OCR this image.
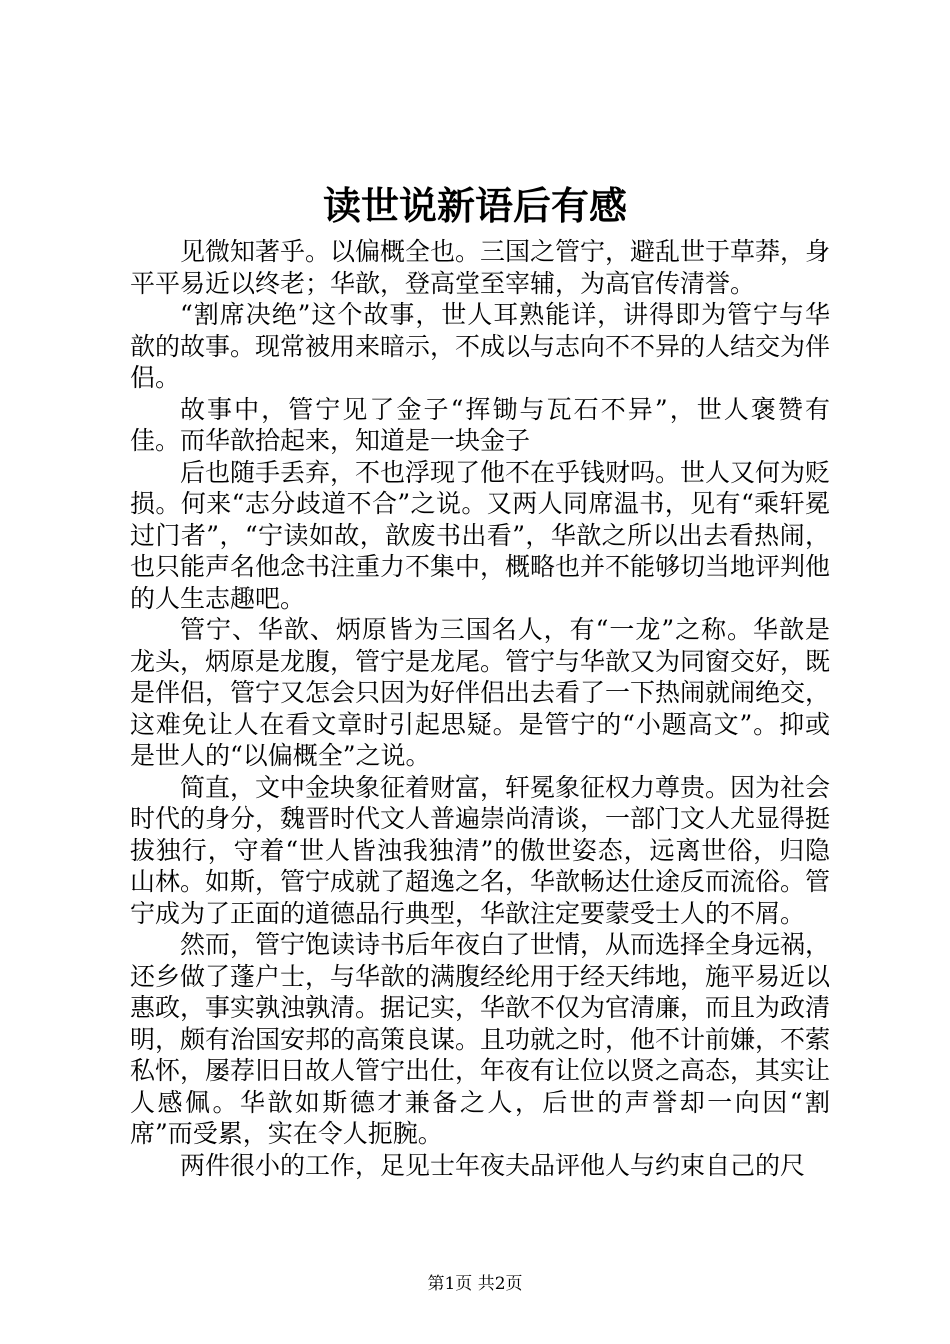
读世说新语后有感

见微知著乎。以偏概全也。三国之管宁，避乱世于草莽，身平平易近以终老；华歆，登高堂至宰辅，为高官传清誉。

“割席决绝”这个故事，世人耳熟能详，讲得即为管宁与华歆的故事。现常被用来暗示，不成以与志向不不异的人结交为伴侣。

故事中，管宁见了金子“挥锄与瓦石不异”，世人褒赞有佳。而华歆拾起来，知道是一块金子

后也随手丢弃，不也浮现了他不在乎钱财吗。世人又何为贬损。何来“志分歧道不合”之说。又两人同席温书，见有“乘轩冕过门者”，“宁读如故，歆废书出看”，华歆之所以出去看热闹，也只能声名他念书注重力不集中，概略也并不能够切当地评判他的人生志趣吧。

管宁、华歆、炳原皆为三国名人，有“一龙”之称。华歆是龙头，炳原是龙腹，管宁是龙尾。管宁与华歆又为同窗交好，既是伴侣，管宁又怎会只因为好伴侣出去看了一下热闹就闹绝交，这难免让人在看文章时引起思疑。是管宁的“小题高文”。抑或是世人的“以偏概全”之说。

简直，文中金块象征着财富，轩冕象征权力尊贵。因为社会时代的身分，魏晋时代文人普遍崇尚清谈，一部门文人尤显得挺拔独行，守着“世人皆浊我独清”的傲世姿态，远离世俗，归隐山林。如斯，管宁成就了超逸之名，华歆畅达仕途反而流俗。管宁成为了正面的道德品行典型，华歆注定要蒙受士人的不屑。

然而，管宁饱读诗书后年夜白了世情，从而选择全身远祸，还乡做了蓬户士，与华歆的满腹经纶用于经天纬地，施平易近以惠政，事实孰浊孰清。据记实，华歆不仅为官清廉，而且为政清明，颇有治国安邦的高策良谋。且功就之时，他不计前嫌，不萦私怀，屡荐旧日故人管宁出仕，年夜有让位以贤之高态，其实让人感佩。华歆如斯德才兼备之人，后世的声誉却一向因“割席”而受累，实在令人扼腕。

两件很小的工作，足见士年夜夫品评他人与约束自己的尺

第1页 共2页
